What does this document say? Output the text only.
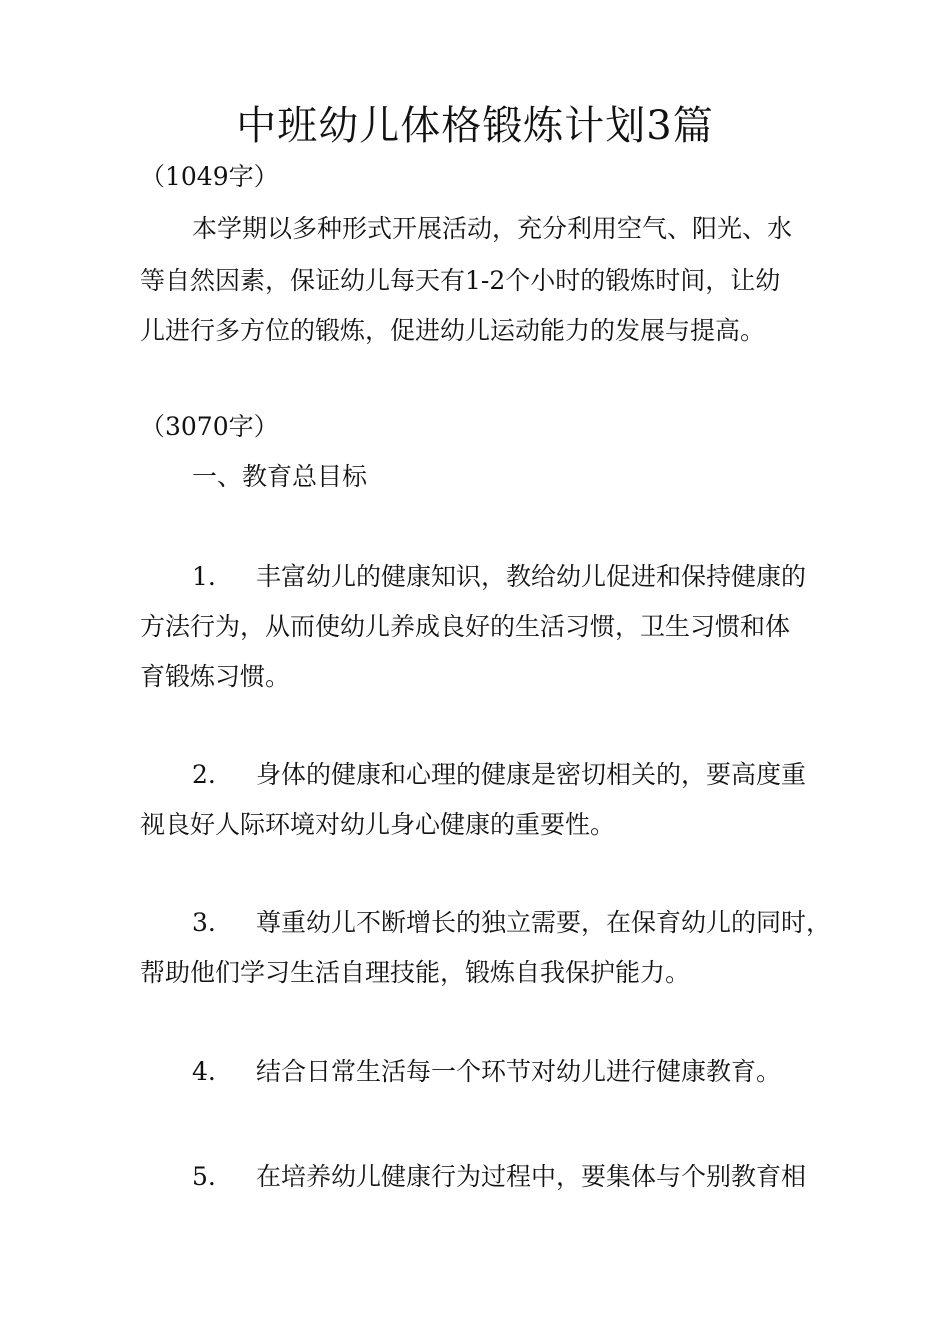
中班幼儿体格锻炼计划3篇

（1049字）

本学期以多种形式开展活动，充分利用空气、阳光、水

等自然因素，保证幼儿每天有1-2个小时的锻炼时间，让幼

儿进行多方位的锻炼，促进幼儿运动能力的发展与提高。

（3070字）

一、教育总目标

1. 丰富幼儿的健康知识，教给幼儿促进和保持健康的

方法行为，从而使幼儿养成良好的生活习惯，卫生习惯和体

育锻炼习惯。

2. 身体的健康和心理的健康是密切相关的，要高度重

视良好人际环境对幼儿身心健康的重要性。

3. 尊重幼儿不断增长的独立需要，在保育幼儿的同时，

帮助他们学习生活自理技能，锻炼自我保护能力。

4. 结合日常生活每一个环节对幼儿进行健康教育。

5. 在培养幼儿健康行为过程中，要集体与个别教育相
